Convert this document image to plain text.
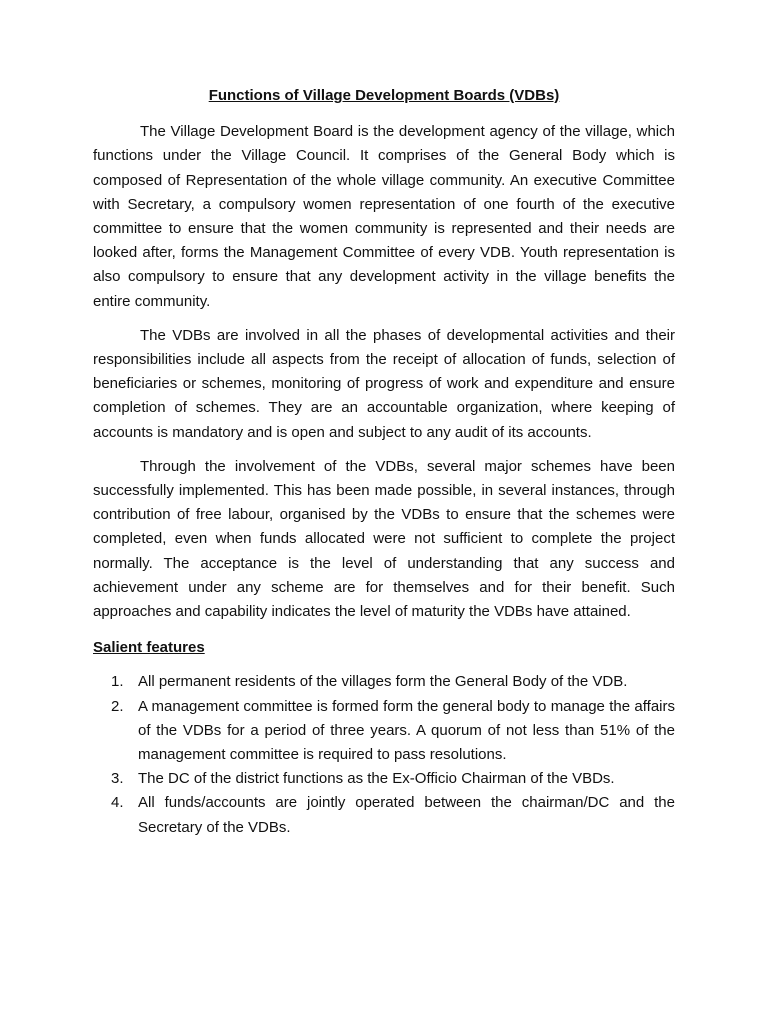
Functions of Village Development Boards (VDBs)

The Village Development Board is the development agency of the village, which functions under the Village Council. It comprises of the General Body which is composed of Representation of the whole village community. An executive Committee with Secretary, a compulsory women representation of one fourth of the executive committee to ensure that the women community is represented and their needs are looked after, forms the Management Committee of every VDB. Youth representation is also compulsory to ensure that any development activity in the village benefits the entire community.

The VDBs are involved in all the phases of developmental activities and their responsibilities include all aspects from the receipt of allocation of funds, selection of beneficiaries or schemes, monitoring of progress of work and expenditure and ensure completion of schemes. They are an accountable organization, where keeping of accounts is mandatory and is open and subject to any audit of its accounts.

Through the involvement of the VDBs, several major schemes have been successfully implemented. This has been made possible, in several instances, through contribution of free labour, organised by the VDBs to ensure that the schemes were completed, even when funds allocated were not sufficient to complete the project normally. The acceptance is the level of understanding that any success and achievement under any scheme are for themselves and for their benefit. Such approaches and capability indicates the level of maturity the VDBs have attained.

Salient features
1. All permanent residents of the villages form the General Body of the VDB.
2. A management committee is formed form the general body to manage the affairs of the VDBs for a period of three years. A quorum of not less than 51% of the management committee is required to pass resolutions.
3. The DC of the district functions as the Ex-Officio Chairman of the VBDs.
4. All funds/accounts are jointly operated between the chairman/DC and the Secretary of the VDBs.
